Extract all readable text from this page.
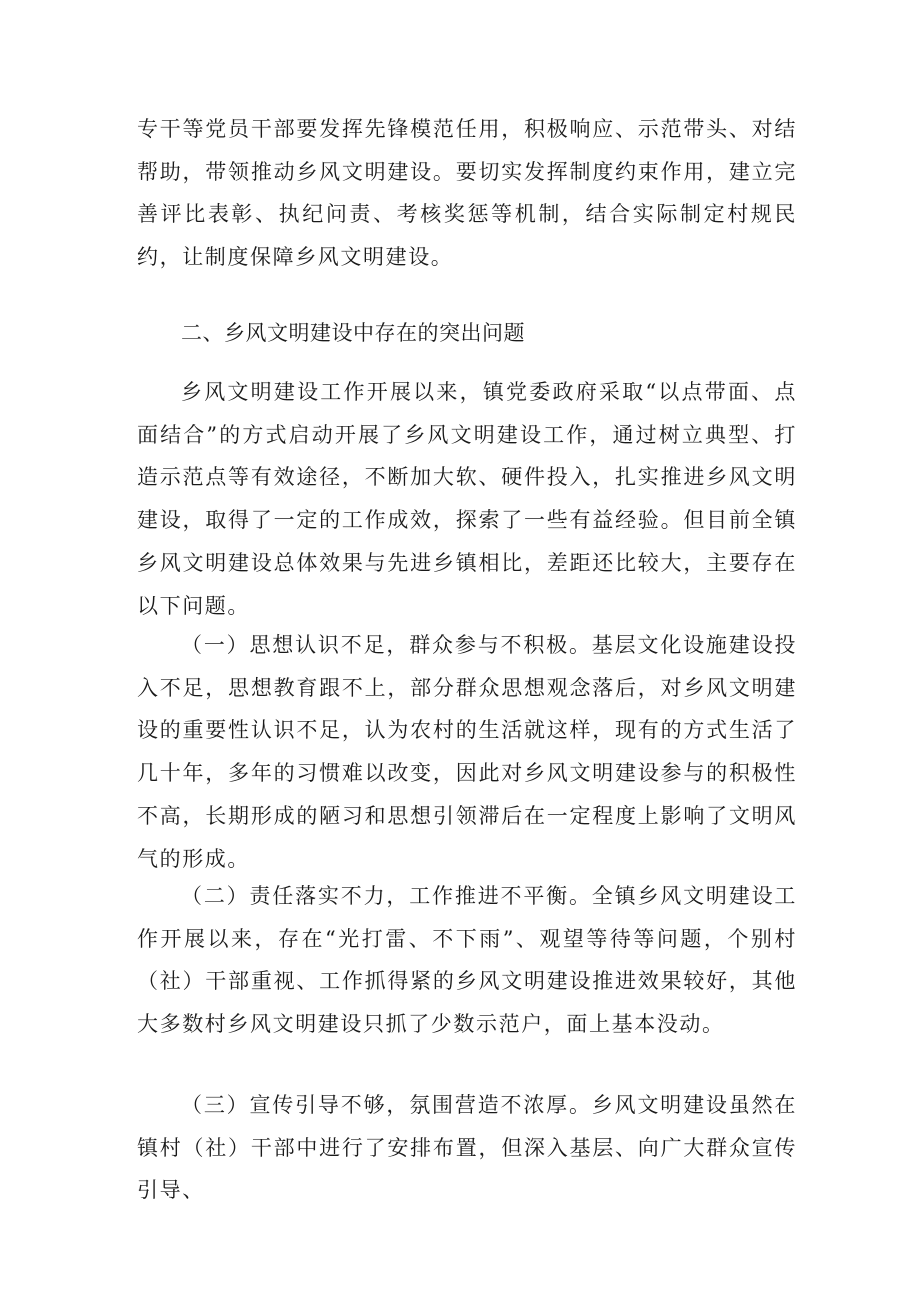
专干等党员干部要发挥先锋模范任用，积极响应、示范带头、对结帮助，带领推动乡风文明建设。要切实发挥制度约束作用，建立完善评比表彰、执纪问责、考核奖惩等机制，结合实际制定村规民约，让制度保障乡风文明建设。

二、乡风文明建设中存在的突出问题

乡风文明建设工作开展以来，镇党委政府采取“以点带面、点面结合”的方式启动开展了乡风文明建设工作，通过树立典型、打造示范点等有效途径，不断加大软、硬件投入，扎实推进乡风文明建设，取得了一定的工作成效，探索了一些有益经验。但目前全镇乡风文明建设总体效果与先进乡镇相比，差距还比较大，主要存在以下问题。

（一）思想认识不足，群众参与不积极。基层文化设施建设投入不足，思想教育跟不上，部分群众思想观念落后，对乡风文明建设的重要性认识不足，认为农村的生活就这样，现有的方式生活了几十年，多年的习惯难以改变，因此对乡风文明建设参与的积极性不高，长期形成的陋习和思想引领滞后在一定程度上影响了文明风气的形成。

（二）责任落实不力，工作推进不平衡。全镇乡风文明建设工作开展以来，存在“光打雷、不下雨”、观望等待等问题，个别村（社）干部重视、工作抓得紧的乡风文明建设推进效果较好，其他大多数村乡风文明建设只抓了少数示范户，面上基本没动。

（三）宣传引导不够，氛围营造不浓厚。乡风文明建设虽然在镇村（社）干部中进行了安排布置，但深入基层、向广大群众宣传引导、
